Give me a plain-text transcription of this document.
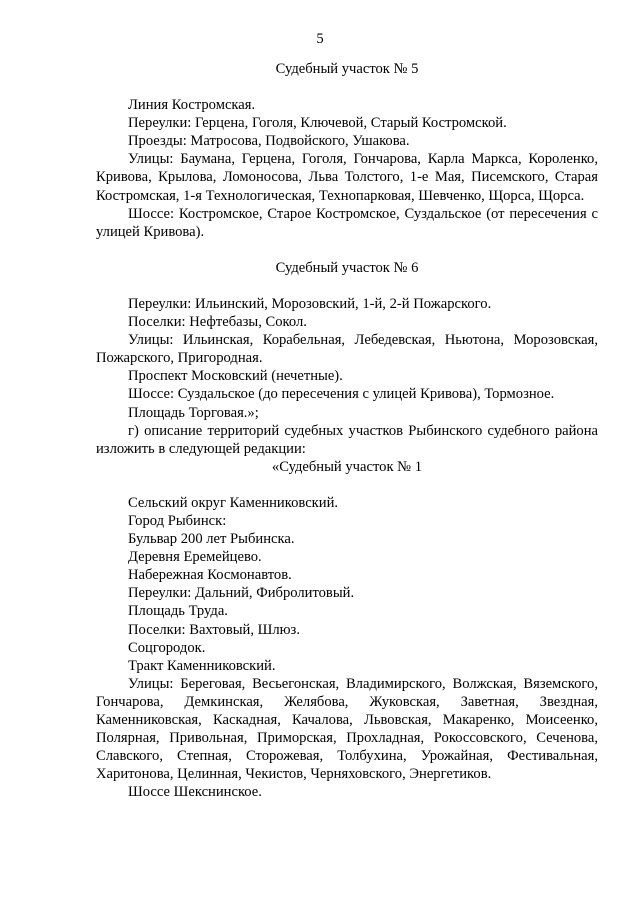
5

Судебный участок № 5

Линия Костромская.

Переулки: Герцена, Гоголя, Ключевой, Старый Костромской.

Проезды: Матросова, Подвойского, Ушакова.

Улицы: Баумана, Герцена, Гоголя, Гончарова, Карла Маркса, Короленко, Кривова, Крылова, Ломоносова, Льва Толстого, 1-е Мая, Писемского, Старая Костромская, 1-я Технологическая, Технопарковая, Шевченко, Щорса, Щорса.

Шоссе: Костромское, Старое Костромское, Суздальское (от пересечения с улицей Кривова).

Судебный участок № 6

Переулки: Ильинский, Морозовский, 1-й, 2-й Пожарского.

Поселки: Нефтебазы, Сокол.

Улицы: Ильинская, Корабельная, Лебедевская, Ньютона, Морозовская, Пожарского, Пригородная.

Проспект Московский (нечетные).

Шоссе: Суздальское (до пересечения с улицей Кривова), Тормозное.

Площадь Торговая.»;

г) описание территорий судебных участков Рыбинского судебного района изложить в следующей редакции:

«Судебный участок № 1

Сельский округ Каменниковский.

Город Рыбинск:

Бульвар 200 лет Рыбинска.

Деревня Еремейцево.

Набережная Космонавтов.

Переулки: Дальний, Фибролитовый.

Площадь Труда.

Поселки: Вахтовый, Шлюз.

Соцгородок.

Тракт Каменниковский.

Улицы: Береговая, Весьегонская, Владимирского, Волжская, Вяземского, Гончарова, Демкинская, Желябова, Жуковская, Заветная, Звездная, Каменниковская, Каскадная, Качалова, Львовская, Макаренко, Моисеенко, Полярная, Привольная, Приморская, Прохладная, Рокоссовского, Сеченова, Славского, Степная, Сторожевая, Толбухина, Урожайная, Фестивальная, Харитонова, Целинная, Чекистов, Черняховского, Энергетиков.

Шоссе Шекснинское.
